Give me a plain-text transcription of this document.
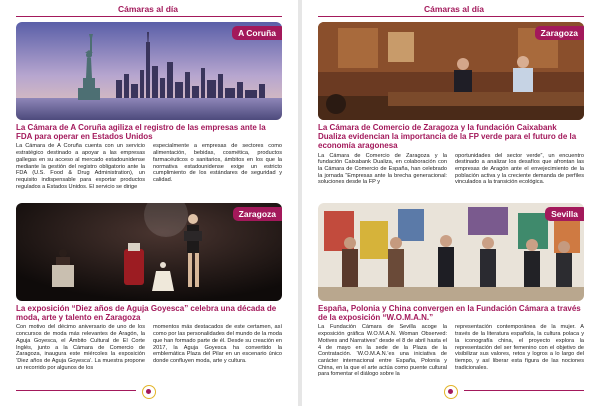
Cámaras al día
A Coruña
La Cámara de A Coruña agiliza el registro de las empresas ante la FDA para operar en Estados Unidos

La Cámara de A Coruña cuenta con un servicio estratégico destinado a apoyar a las empresas gallegas en su acceso al mercado estadounidense mediante la gestión del registro obligatorio ante la FDA (U.S. Food & Drug Administration), un requisito indispensable para exportar productos regulados a Estados Unidos. El servicio se dirige

especialmente a empresas de sectores como alimentación, bebidas, cosmética, productos farmacéuticos o sanitarios, ámbitos en los que la normativa estadounidense exige un estricto cumplimiento de los estándares de seguridad y calidad.

Zaragoza
La exposición “Diez años de Aguja Goyesca” celebra una década de moda, arte y talento en Zaragoza

Con motivo del décimo aniversario de uno de los concursos de moda más relevantes de Aragón, la Aguja Goyesca, el Ámbito Cultural de El Corte Inglés, junto a la Cámara de Comercio de Zaragoza, inaugura este miércoles la exposición ‘Diez años de Aguja Goyesca’. La muestra propone un recorrido por algunos de los

momentos más destacados de este certamen, así como por las personalidades del mundo de la moda que han formado parte de él. Desde su creación en 2017, la Aguja Goyesca ha convertido la emblemática Plaza del Pilar en un escenario único donde confluyen moda, arte y cultura.

Cámaras al día
Zaragoza
La Cámara de Comercio de Zaragoza y la fundación Caixabank Dualiza evidencian la importancia de la FP verde para el futuro de la economía aragonesa

La Cámara de Comercio de Zaragoza y la fundación Caixabank Dualiza, en colaboración con la Cámara de Comercio de España, han celebrado la jornada “Empresas ante la brecha generacional: soluciones desde la FP y

oportunidades del sector verde”, un encuentro destinado a analizar los desafíos que afrontan las empresas de Aragón ante el envejecimiento de la población activa y la creciente demanda de perfiles vinculados a la transición ecológica.

Sevilla
España, Polonia y China convergen en la Fundación Cámara a través de la exposición “W.O.M.A.N.”

La Fundación Cámara de Sevilla acoge la exposición gráfica W.O.M.A.N. Woman Observed: Motives and Narratives” desde el 8 de abril hasta el 4 de mayo en la sede de la Plaza de la Contratación. ‘W.O.M.A.N.’es una iniciativa de carácter internacional entre España, Polonia y China, en la que el arte actúa como puente cultural para fomentar el diálogo sobre la

representación contemporánea de la mujer. A través de la literatura española, la cultura polaca y la iconografía china, el proyecto explora la representación del ser femenino con el objetivo de visibilizar sus valores, retos y logros a lo largo del tiempo, y así liberar esta figura de las nociones tradicionales.
